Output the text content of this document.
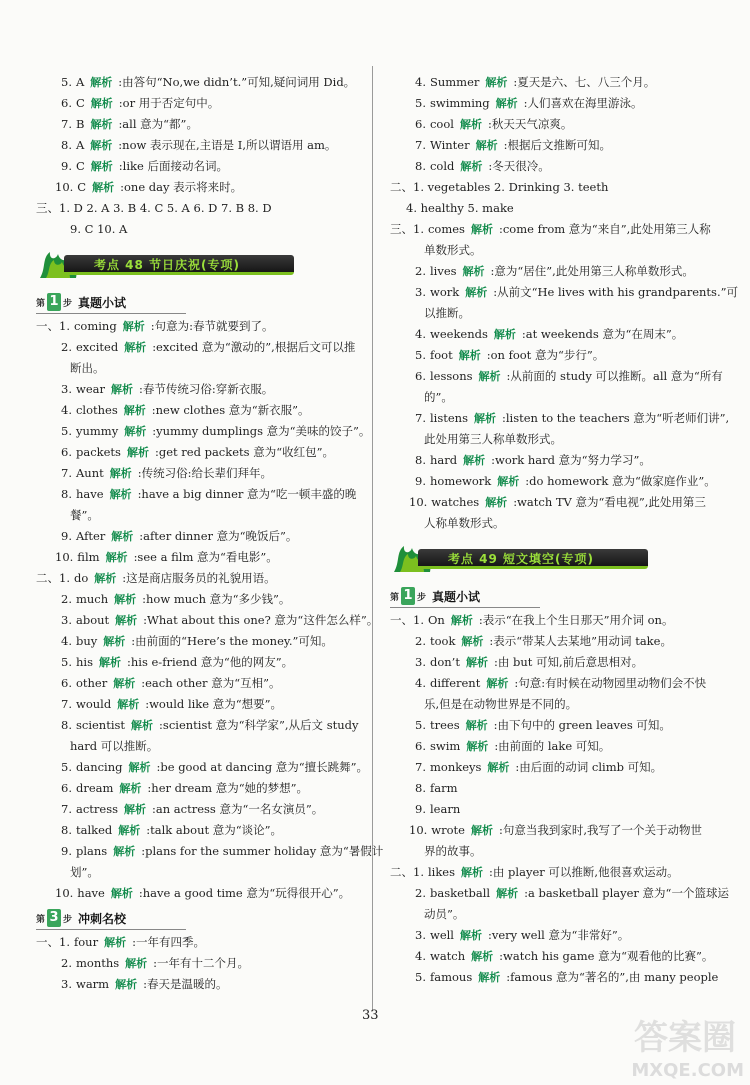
5. A 解析 :由答句“No,we didn’t.”可知,疑问词用 Did。
6. C 解析 :or 用于否定句中。
7. B 解析 :all 意为“都”。
8. A 解析 :now 表示现在,主语是 I,所以谓语用 am。
9. C 解析 :like 后面接动名词。
10. C 解析 :one day 表示将来时。
三、1. D 2. A 3. B 4. C 5. A 6. D 7. B 8. D
9. C 10. A
考点 48 节日庆祝(专项)
第 1 步 真题小试
一、1. coming 解析 :句意为:春节就要到了。
2. excited 解析 :excited 意为“激动的”,根据后文可以推
断出。
3. wear 解析 :春节传统习俗:穿新衣服。
4. clothes 解析 :new clothes 意为“新衣服”。
5. yummy 解析 :yummy dumplings 意为“美味的饺子”。
6. packets 解析 :get red packets 意为“收红包”。
7. Aunt 解析 :传统习俗:给长辈们拜年。
8. have 解析 :have a big dinner 意为“吃一顿丰盛的晚
餐”。
9. After 解析 :after dinner 意为“晚饭后”。
10. film 解析 :see a film 意为“看电影”。
二、1. do 解析 :这是商店服务员的礼貌用语。
2. much 解析 :how much 意为“多少钱”。
3. about 解析 :What about this one? 意为“这件怎么样”。
4. buy 解析 :由前面的“Here’s the money.”可知。
5. his 解析 :his e-friend 意为“他的网友”。
6. other 解析 :each other 意为“互相”。
7. would 解析 :would like 意为“想要”。
8. scientist 解析 :scientist 意为“科学家”,从后文 study
hard 可以推断。
5. dancing 解析 :be good at dancing 意为“擅长跳舞”。
6. dream 解析 :her dream 意为“她的梦想”。
7. actress 解析 :an actress 意为“一名女演员”。
8. talked 解析 :talk about 意为“谈论”。
9. plans 解析 :plans for the summer holiday 意为“暑假计
划”。
10. have 解析 :have a good time 意为“玩得很开心”。
第 3 步 冲刺名校
一、1. four 解析 :一年有四季。
2. months 解析 :一年有十二个月。
3. warm 解析 :春天是温暖的。
4. Summer 解析 :夏天是六、七、八三个月。
5. swimming 解析 :人们喜欢在海里游泳。
6. cool 解析 :秋天天气凉爽。
7. Winter 解析 :根据后文推断可知。
8. cold 解析 :冬天很冷。
二、1. vegetables 2. Drinking 3. teeth
4. healthy 5. make
三、1. comes 解析 :come from 意为“来自”,此处用第三人称
单数形式。
2. lives 解析 :意为“居住”,此处用第三人称单数形式。
3. work 解析 :从前文“He lives with his grandparents.”可
以推断。
4. weekends 解析 :at weekends 意为“在周末”。
5. foot 解析 :on foot 意为“步行”。
6. lessons 解析 :从前面的 study 可以推断。all 意为“所有
的”。
7. listens 解析 :listen to the teachers 意为“听老师们讲”,
此处用第三人称单数形式。
8. hard 解析 :work hard 意为“努力学习”。
9. homework 解析 :do homework 意为“做家庭作业”。
10. watches 解析 :watch TV 意为“看电视”,此处用第三
人称单数形式。
考点 49 短文填空(专项)
第 1 步 真题小试
一、1. On 解析 :表示“在我上个生日那天”用介词 on。
2. took 解析 :表示“带某人去某地”用动词 take。
3. don’t 解析 :由 but 可知,前后意思相对。
4. different 解析 :句意:有时候在动物园里动物们会不快
乐,但是在动物世界是不同的。
5. trees 解析 :由下句中的 green leaves 可知。
6. swim 解析 :由前面的 lake 可知。
7. monkeys 解析 :由后面的动词 climb 可知。
8. farm
9. learn
10. wrote 解析 :句意当我到家时,我写了一个关于动物世
界的故事。
二、1. likes 解析 :由 player 可以推断,他很喜欢运动。
2. basketball 解析 :a basketball player 意为“一个篮球运
动员”。
3. well 解析 :very well 意为“非常好”。
4. watch 解析 :watch his game 意为“观看他的比赛”。
5. famous 解析 :famous 意为“著名的”,由 many people
33
答案圈
MXQE.COM
